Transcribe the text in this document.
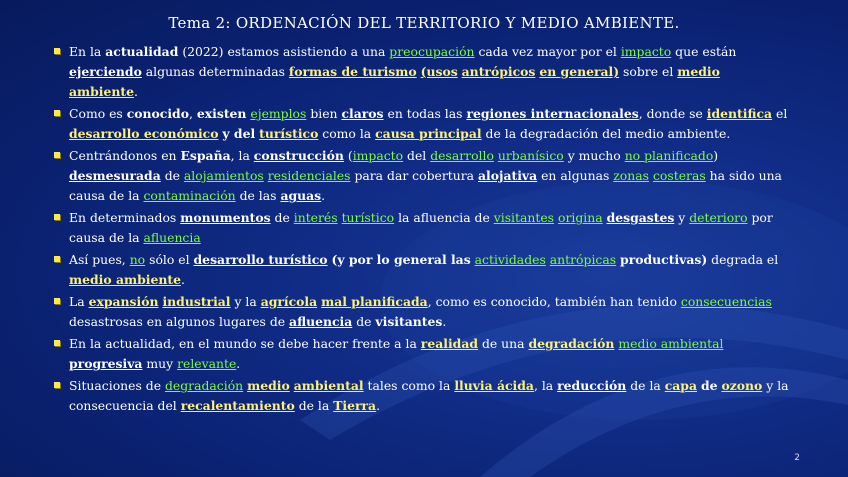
Tema 2: ORDENACIÓN DEL TERRITORIO Y MEDIO AMBIENTE.
En la actualidad (2022) estamos asistiendo a una preocupación cada vez mayor por el impacto que están ejerciendo algunas determinadas formas de turismo (usos antrópicos en general) sobre el medio ambiente.
Como es conocido, existen ejemplos bien claros en todas las regiones internacionales, donde se identifica el desarrollo económico y del turístico como la causa principal de la degradación del medio ambiente.
Centrándonos en España, la construcción (impacto del desarrollo urbanísico y mucho no planificado) desmesurada de alojamientos residenciales para dar cobertura alojativa en algunas zonas costeras ha sido una causa de la contaminación de las aguas.
En determinados monumentos de interés turístico la afluencia de visitantes origina desgastes y deterioro por causa de la afluencia
Así pues, no sólo el desarrollo turístico (y por lo general las actividades antrópicas productivas) degrada el medio ambiente.
La expansión industrial y la agrícola mal planificada, como es conocido, también han tenido consecuencias desastrosas en algunos lugares de afluencia de visitantes.
En la actualidad, en el mundo se debe hacer frente a la realidad de una degradación medio ambiental progresiva muy relevante.
Situaciones de degradación medio ambiental tales como la lluvia ácida, la reducción de la capa de ozono y la consecuencia del recalentamiento de la Tierra.
2
